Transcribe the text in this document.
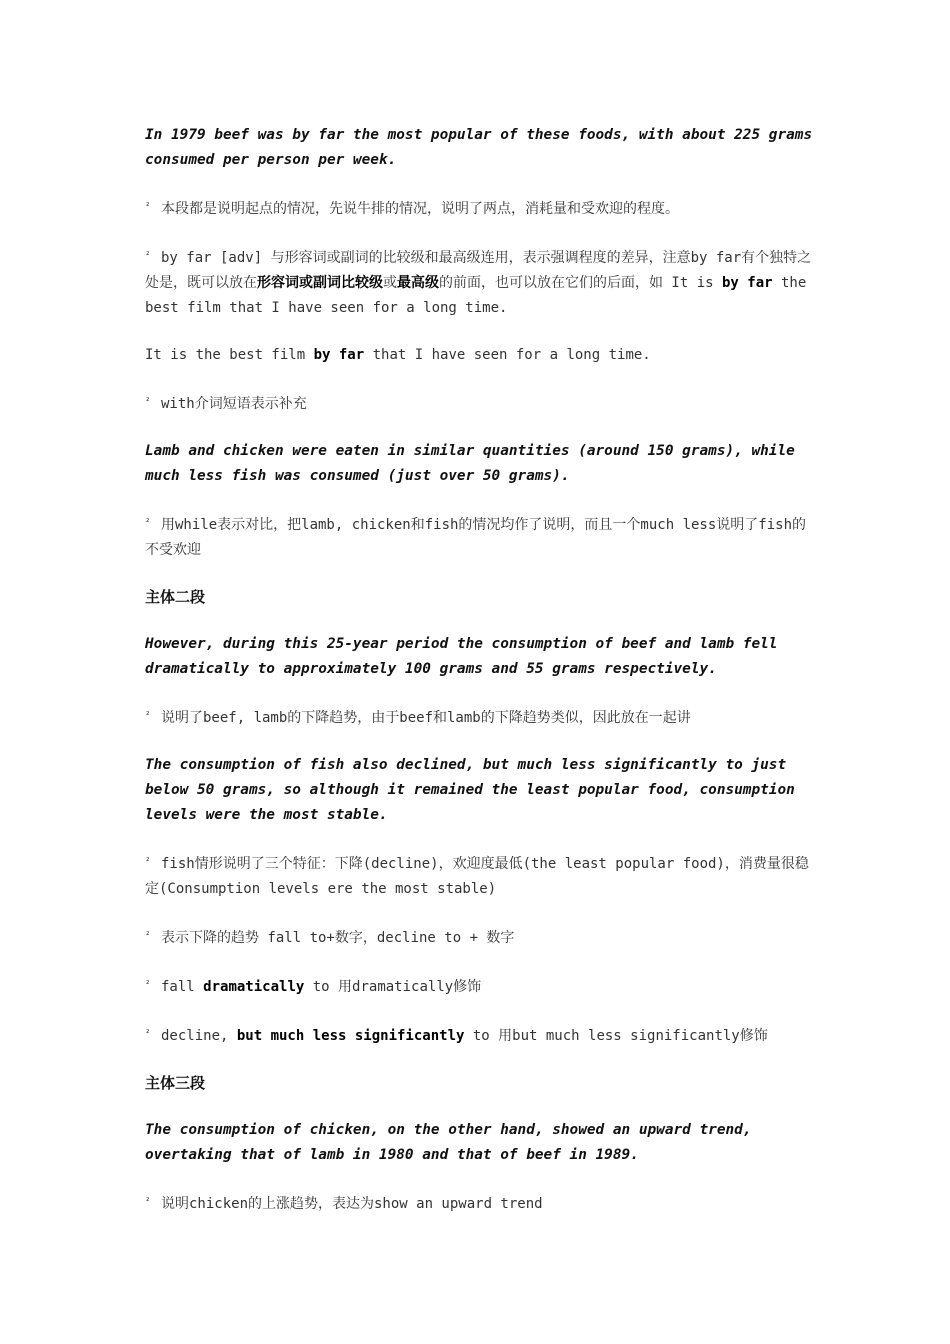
In 1979 beef was by far the most popular of these foods, with about 225 grams consumed per person per week.

² 本段都是说明起点的情况，先说牛排的情况，说明了两点，消耗量和受欢迎的程度。

² by far [adv] 与形容词或副词的比较级和最高级连用，表示强调程度的差异，注意by far有个独特之处是，既可以放在形容词或副词比较级或最高级的前面，也可以放在它们的后面，如 It is by far the best film that I have seen for a long time.

It is the best film by far that I have seen for a long time.

² with介词短语表示补充

Lamb and chicken were eaten in similar quantities (around 150 grams), while much less fish was consumed (just over 50 grams).

² 用while表示对比，把lamb, chicken和fish的情况均作了说明，而且一个much less说明了fish的不受欢迎

主体二段

However, during this 25-year period the consumption of beef and lamb fell dramatically to approximately 100 grams and 55 grams respectively.

² 说明了beef, lamb的下降趋势，由于beef和lamb的下降趋势类似，因此放在一起讲

The consumption of fish also declined, but much less significantly to just below 50 grams, so although it remained the least popular food, consumption levels were the most stable.

² fish情形说明了三个特征：下降(decline)，欢迎度最低(the least popular food)，消费量很稳定(Consumption levels ere the most stable)

² 表示下降的趋势 fall to+数字，decline to + 数字

² fall dramatically to 用dramatically修饰

² decline, but much less significantly to 用but much less significantly修饰

主体三段

The consumption of chicken, on the other hand, showed an upward trend, overtaking that of lamb in 1980 and that of beef in 1989.

² 说明chicken的上涨趋势，表达为show an upward trend
